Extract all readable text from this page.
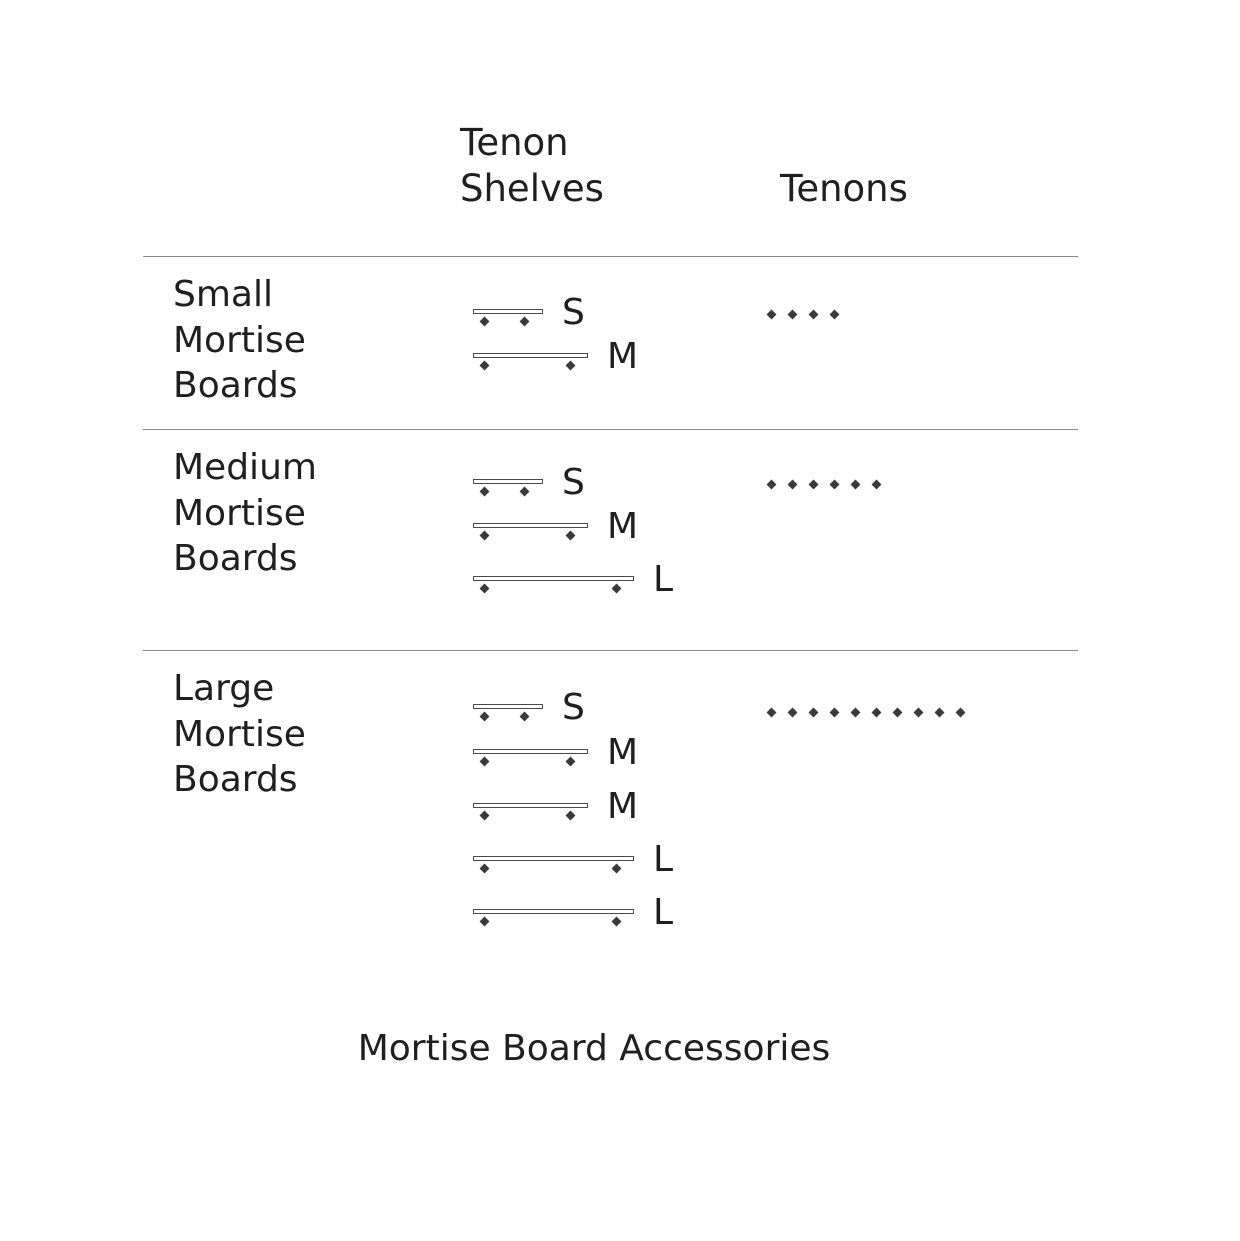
Tenon
Shelves	Tenons
Small
Mortise
Boards
Medium
Mortise
Boards
Large
Mortise
Boards
S
M
S
M
L
S
M
M
L
L
Mortise Board Accessories
